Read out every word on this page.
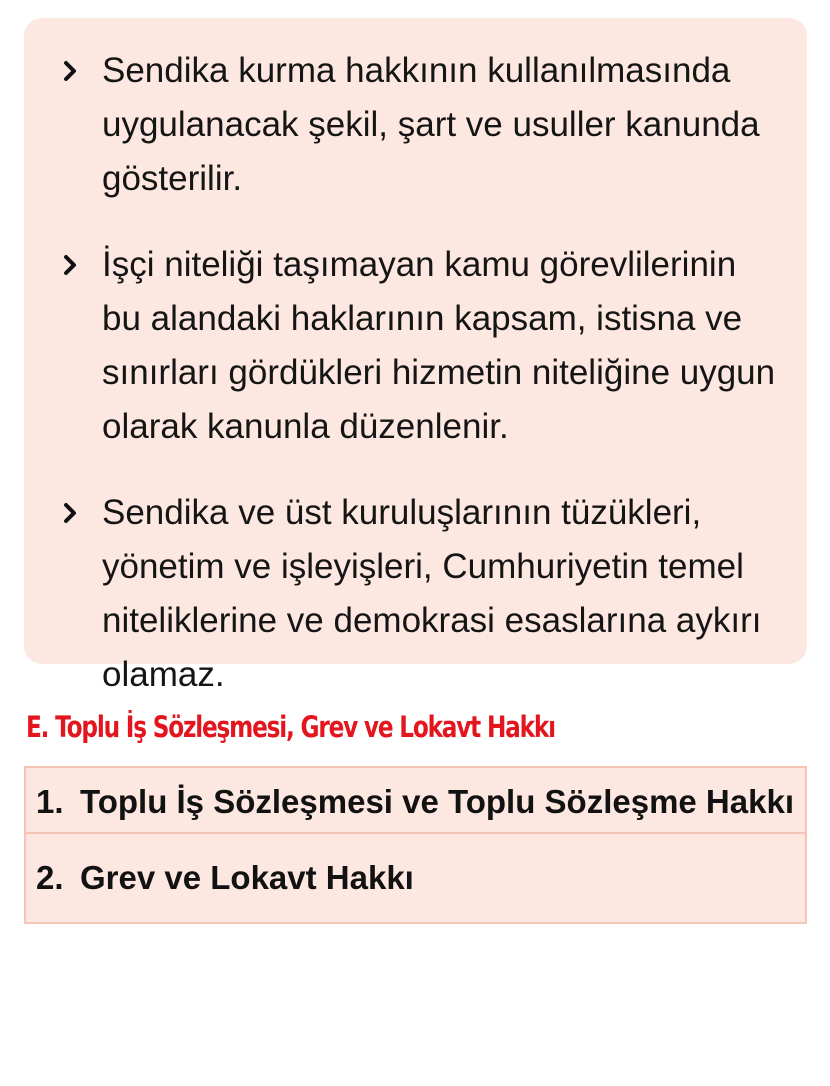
Sendika kurma hakkının kullanılmasında uygulanacak şekil, şart ve usuller kanunda gösterilir.
İşçi niteliği taşımayan kamu görevlilerinin bu alandaki haklarının kapsam, istisna ve sınırları gördükleri hizmetin niteliğine uygun olarak kanunla düzenlenir.
Sendika ve üst kuruluşlarının tüzükleri, yönetim ve işleyişleri, Cumhuriyetin temel niteliklerine ve demokrasi esaslarına aykırı olamaz.
E. Toplu İş Sözleşmesi, Grev ve Lokavt Hakkı
1. Toplu İş Sözleşmesi ve Toplu Sözleşme Hakkı
2. Grev ve Lokavt Hakkı
